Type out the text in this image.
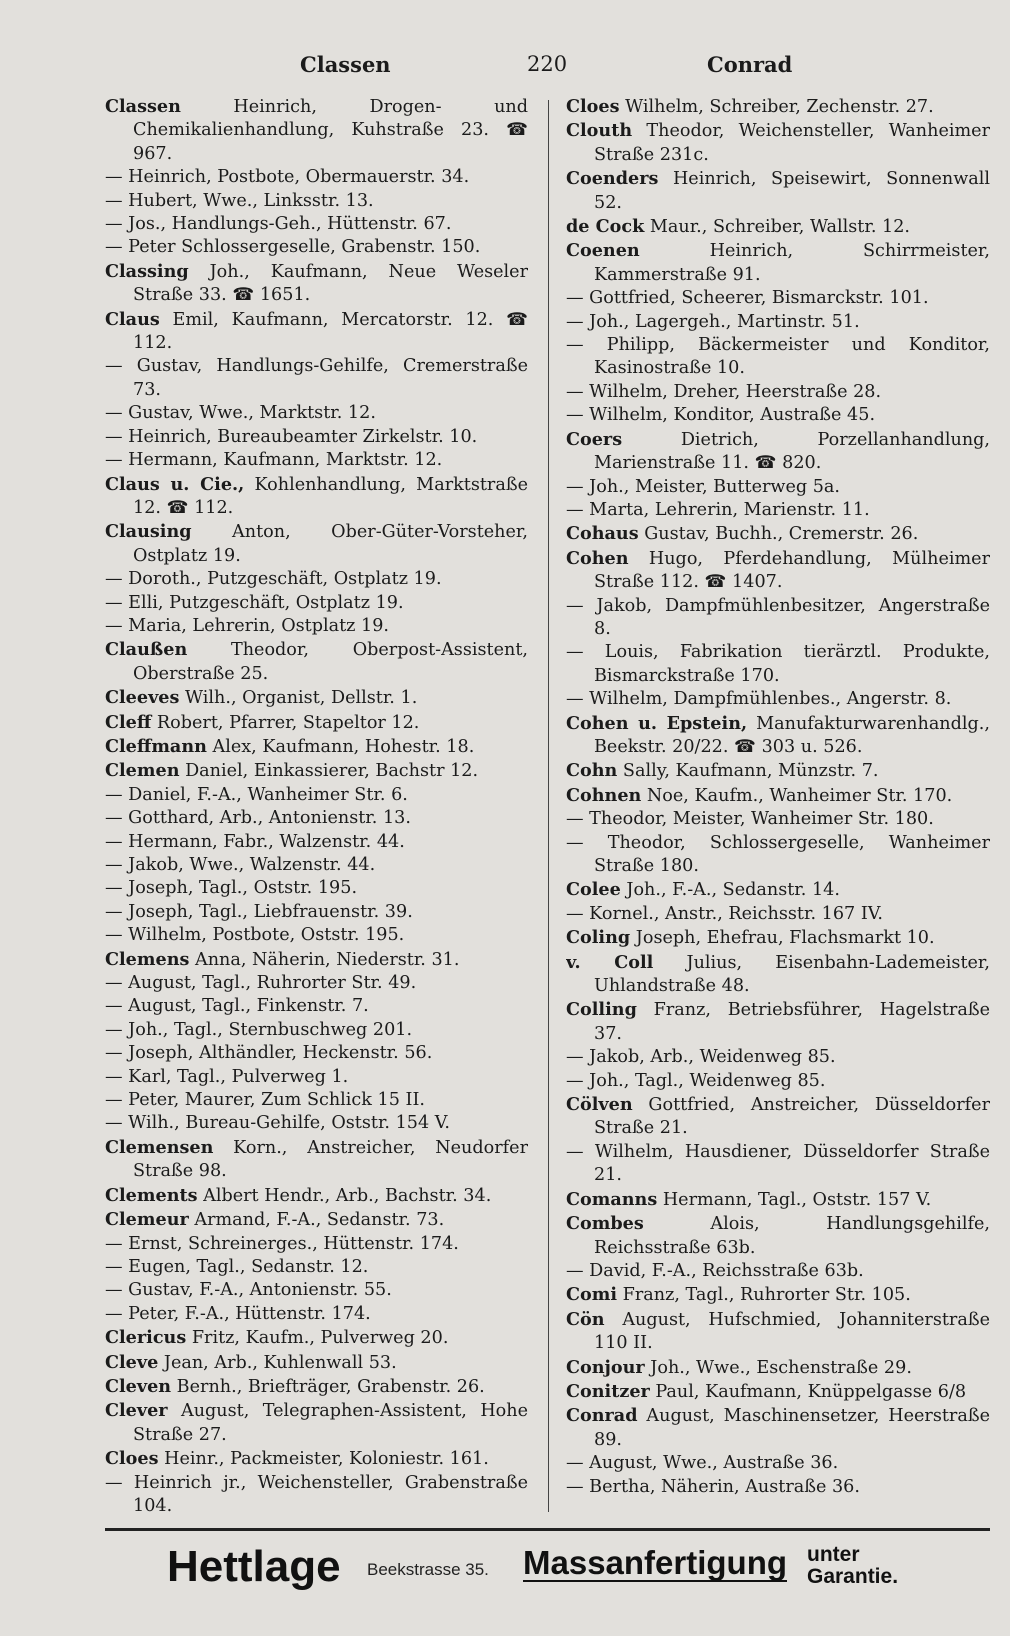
Classen	220	Conrad

Classen Heinrich, Drogen- und Chemikalienhandlung, Kuhstraße 23. ☎ 967.

— Heinrich, Postbote, Obermauerstr. 34.

— Hubert, Wwe., Linksstr. 13.

— Jos., Handlungs-Geh., Hüttenstr. 67.

— Peter Schlossergeselle, Grabenstr. 150.

Classing Joh., Kaufmann, Neue Weseler Straße 33. ☎ 1651.

Claus Emil, Kaufmann, Mercatorstr. 12. ☎ 112.

— Gustav, Handlungs-Gehilfe, Cremerstraße 73.

— Gustav, Wwe., Marktstr. 12.

— Heinrich, Bureaubeamter Zirkelstr. 10.

— Hermann, Kaufmann, Marktstr. 12.

Claus u. Cie., Kohlenhandlung, Marktstraße 12. ☎ 112.

Clausing Anton, Ober-Güter-Vorsteher, Ostplatz 19.

— Doroth., Putzgeschäft, Ostplatz 19.

— Elli, Putzgeschäft, Ostplatz 19.

— Maria, Lehrerin, Ostplatz 19.

Claußen Theodor, Oberpost-Assistent, Oberstraße 25.

Cleeves Wilh., Organist, Dellstr. 1.

Cleff Robert, Pfarrer, Stapeltor 12.

Cleffmann Alex, Kaufmann, Hohestr. 18.

Clemen Daniel, Einkassierer, Bachstr 12.

— Daniel, F.-A., Wanheimer Str. 6.

— Gotthard, Arb., Antonienstr. 13.

— Hermann, Fabr., Walzenstr. 44.

— Jakob, Wwe., Walzenstr. 44.

— Joseph, Tagl., Oststr. 195.

— Joseph, Tagl., Liebfrauenstr. 39.

— Wilhelm, Postbote, Oststr. 195.

Clemens Anna, Näherin, Niederstr. 31.

— August, Tagl., Ruhrorter Str. 49.

— August, Tagl., Finkenstr. 7.

— Joh., Tagl., Sternbuschweg 201.

— Joseph, Althändler, Heckenstr. 56.

— Karl, Tagl., Pulverweg 1.

— Peter, Maurer, Zum Schlick 15 II.

— Wilh., Bureau-Gehilfe, Oststr. 154 V.

Clemensen Korn., Anstreicher, Neudorfer Straße 98.

Clements Albert Hendr., Arb., Bachstr. 34.

Clemeur Armand, F.-A., Sedanstr. 73.

— Ernst, Schreinerges., Hüttenstr. 174.

— Eugen, Tagl., Sedanstr. 12.

— Gustav, F.-A., Antonienstr. 55.

— Peter, F.-A., Hüttenstr. 174.

Clericus Fritz, Kaufm., Pulverweg 20.

Cleve Jean, Arb., Kuhlenwall 53.

Cleven Bernh., Briefträger, Grabenstr. 26.

Clever August, Telegraphen-Assistent, Hohe Straße 27.

Cloes Heinr., Packmeister, Koloniestr. 161.

— Heinrich jr., Weichensteller, Grabenstraße 104.

Cloes Wilhelm, Schreiber, Zechenstr. 27.

Clouth Theodor, Weichensteller, Wanheimer Straße 231c.

Coenders Heinrich, Speisewirt, Sonnenwall 52.

de Cock Maur., Schreiber, Wallstr. 12.

Coenen Heinrich, Schirrmeister, Kammerstraße 91.

— Gottfried, Scheerer, Bismarckstr. 101.

— Joh., Lagergeh., Martinstr. 51.

— Philipp, Bäckermeister und Konditor, Kasinostraße 10.

— Wilhelm, Dreher, Heerstraße 28.

— Wilhelm, Konditor, Austraße 45.

Coers Dietrich, Porzellanhandlung, Marienstraße 11. ☎ 820.

— Joh., Meister, Butterweg 5a.

— Marta, Lehrerin, Marienstr. 11.

Cohaus Gustav, Buchh., Cremerstr. 26.

Cohen Hugo, Pferdehandlung, Mülheimer Straße 112. ☎ 1407.

— Jakob, Dampfmühlenbesitzer, Angerstraße 8.

— Louis, Fabrikation tierärztl. Produkte, Bismarckstraße 170.

— Wilhelm, Dampfmühlenbes., Angerstr. 8.

Cohen u. Epstein, Manufakturwarenhandlg., Beekstr. 20/22. ☎ 303 u. 526.

Cohn Sally, Kaufmann, Münzstr. 7.

Cohnen Noe, Kaufm., Wanheimer Str. 170.

— Theodor, Meister, Wanheimer Str. 180.

— Theodor, Schlossergeselle, Wanheimer Straße 180.

Colee Joh., F.-A., Sedanstr. 14.

— Kornel., Anstr., Reichsstr. 167 IV.

Coling Joseph, Ehefrau, Flachsmarkt 10.

v. Coll Julius, Eisenbahn-Lademeister, Uhlandstraße 48.

Colling Franz, Betriebsführer, Hagelstraße 37.

— Jakob, Arb., Weidenweg 85.

— Joh., Tagl., Weidenweg 85.

Cölven Gottfried, Anstreicher, Düsseldorfer Straße 21.

— Wilhelm, Hausdiener, Düsseldorfer Straße 21.

Comanns Hermann, Tagl., Oststr. 157 V.

Combes Alois, Handlungsgehilfe, Reichsstraße 63b.

— David, F.-A., Reichsstraße 63b.

Comi Franz, Tagl., Ruhrorter Str. 105.

Cön August, Hufschmied, Johanniterstraße 110 II.

Conjour Joh., Wwe., Eschenstraße 29.

Conitzer Paul, Kaufmann, Knüppelgasse 6/8

Conrad August, Maschinensetzer, Heerstraße 89.

— August, Wwe., Austraße 36.

— Bertha, Näherin, Austraße 36.

Hettlage Beekstrasse 35. Massanfertigung unter
Garantie.
